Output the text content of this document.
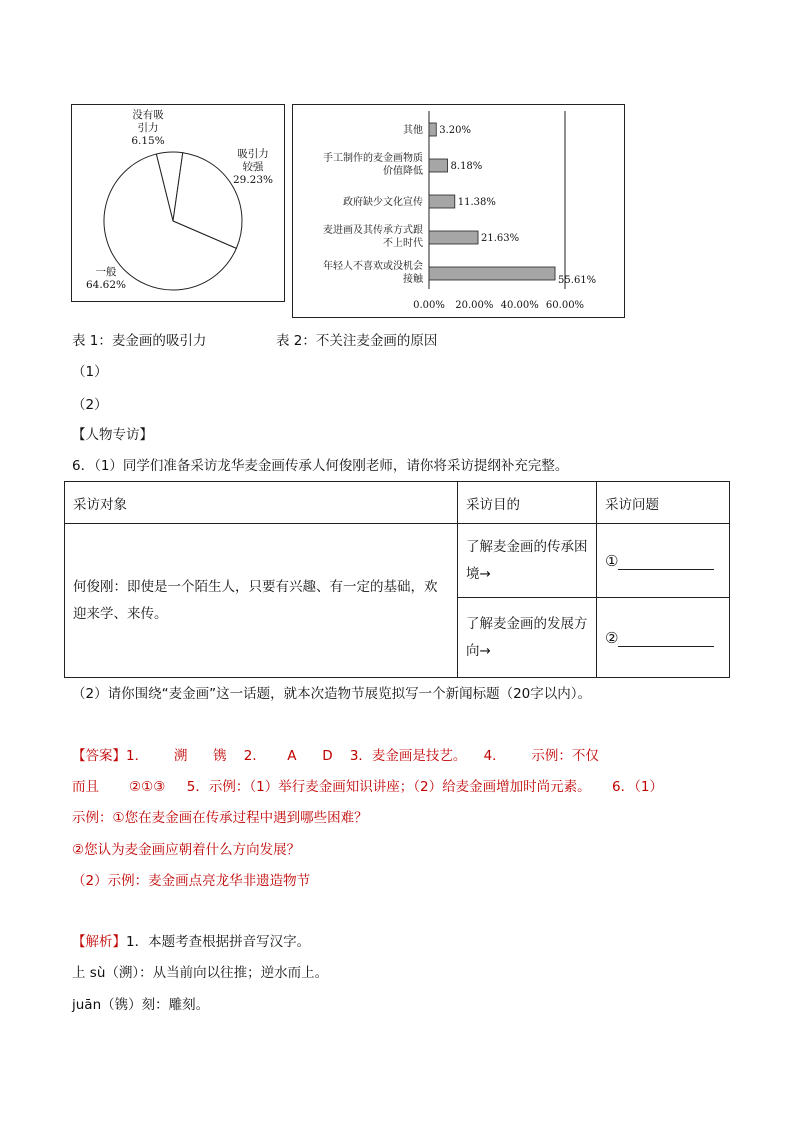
没有吸
引力
6.15%
吸引力
较强
29.23%
一般
64.62%
3.20%
其他
8.18%
手工制作的麦金画物质
价值降低
11.38%
政府缺少文化宣传
21.63%
麦进画及其传承方式跟
不上时代
55.61%
年轻人不喜欢或没机会
接触
0.00% 20.00% 40.00% 60.00%
表 1：麦金画的吸引力	表 2：不关注麦金画的原因
（1）
（2）
【人物专访】
6．（1）同学们准备采访龙华麦金画传承人何俊刚老师，请你将采访提纲补充完整。
采访对象	采访目的	采访问题
何俊刚：即使是一个陌生人，只要有兴趣、有一定的基础，欢迎来学、来传。	了解麦金画的传承困境→	①
	了解麦金画的发展方向→	②
（2）请你围绕“麦金画”这一话题，就本次造物节展览拟写一个新闻标题（20字以内）。
【答案】1．      溯      镌    2．     A      D    3．麦金画是技艺。    4．      示例：不仅
而且       ②①③     5．示例：（1）举行麦金画知识讲座；（2）给麦金画增加时尚元素。     6．（1）
示例：①您在麦金画在传承过程中遇到哪些困难？
②您认为麦金画应朝着什么方向发展？
（2）示例：麦金画点亮龙华非遗造物节
【解析】1．本题考查根据拼音写汉字。
上 sù（溯）：从当前向以往推；逆水而上。
juān（镌）刻：雕刻。
